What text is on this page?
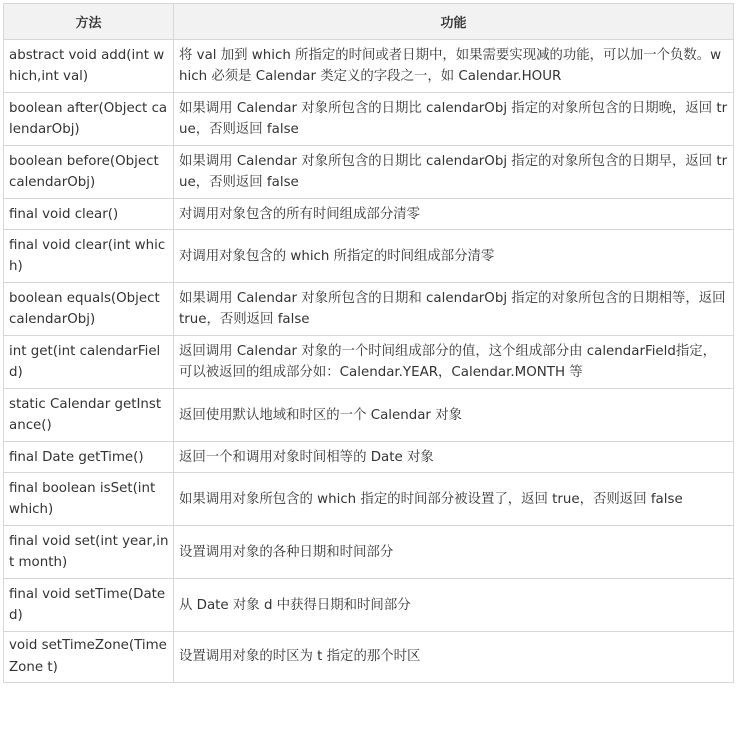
方法	功能
abstract void add(int which,int val)	将 val 加到 which 所指定的时间或者日期中，如果需要实现减的功能，可以加一个负数。which 必须是 Calendar 类定义的字段之一，如 Calendar.HOUR
boolean after(Object calendarObj)	如果调用 Calendar 对象所包含的日期比 calendarObj 指定的对象所包含的日期晚，返回 true，否则返回 false
boolean before(Object calendarObj)	如果调用 Calendar 对象所包含的日期比 calendarObj 指定的对象所包含的日期早，返回 true，否则返回 false
final void clear()	对调用对象包含的所有时间组成部分清零
final void clear(int which)	对调用对象包含的 which 所指定的时间组成部分清零
boolean equals(Object calendarObj)	如果调用 Calendar 对象所包含的日期和 calendarObj 指定的对象所包含的日期相等，返回 true，否则返回 false
int get(int calendarField)	返回调用 Calendar 对象的一个时间组成部分的值，这个组成部分由 calendarField指定，可以被返回的组成部分如：Calendar.YEAR，Calendar.MONTH 等
static Calendar getInstance()	返回使用默认地域和时区的一个 Calendar 对象
final Date getTime()	返回一个和调用对象时间相等的 Date 对象
final boolean isSet(int which)	如果调用对象所包含的 which 指定的时间部分被设置了，返回 true，否则返回 false
final void set(int year,int month)	设置调用对象的各种日期和时间部分
final void setTime(Date d)	从 Date 对象 d 中获得日期和时间部分
void setTimeZone(TimeZone t)	设置调用对象的时区为 t 指定的那个时区
